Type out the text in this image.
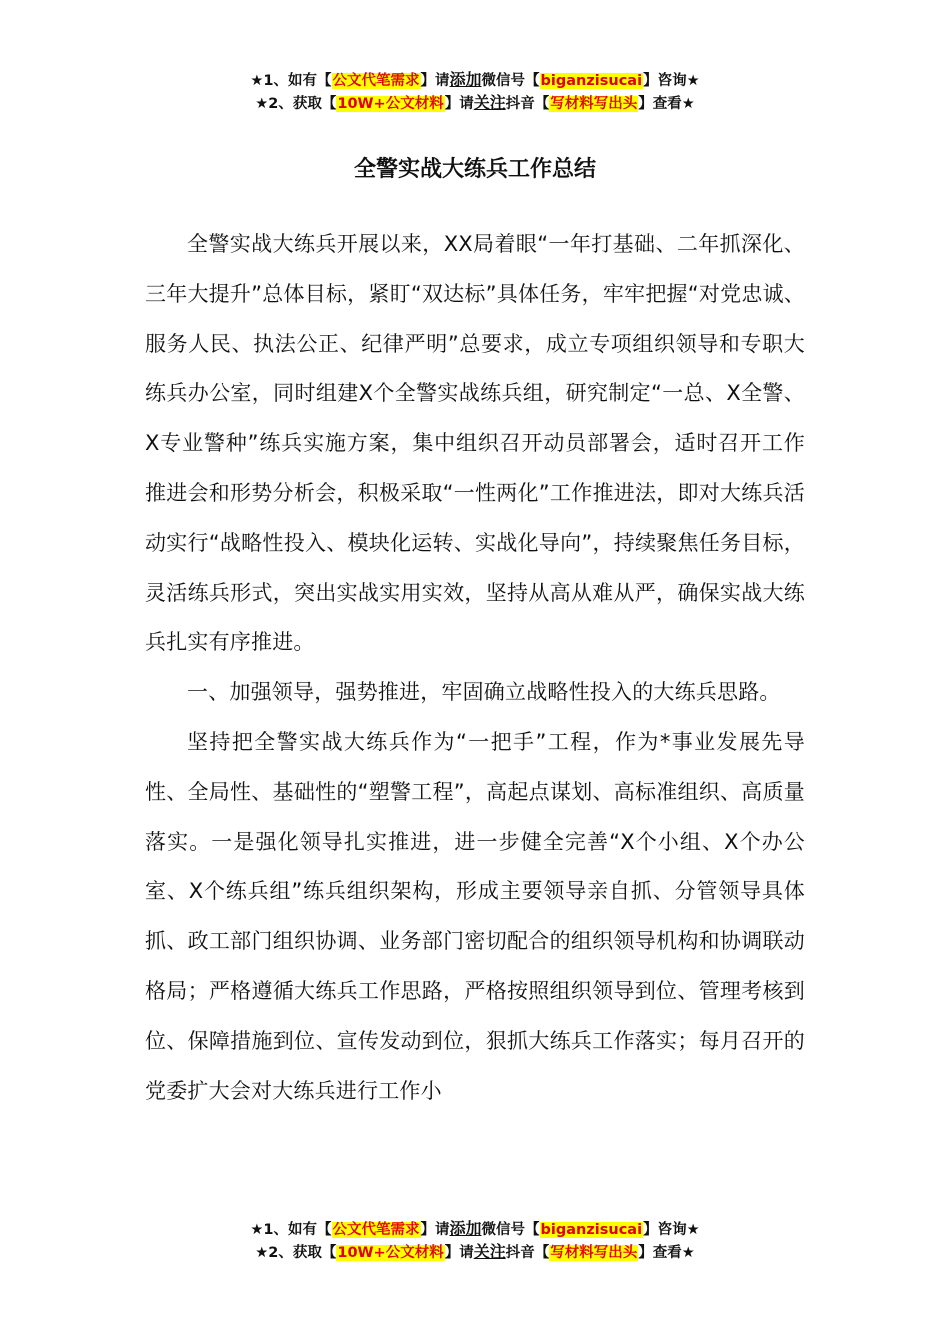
★1、如有【公文代笔需求】请添加微信号【biganzisucai】咨询★
★2、获取【10W+公文材料】请关注抖音【写材料写出头】查看★
全警实战大练兵工作总结

全警实战大练兵开展以来，XX局着眼“一年打基础、二年抓深化、三年大提升”总体目标，紧盯“双达标”具体任务，牢牢把握“对党忠诚、服务人民、执法公正、纪律严明”总要求，成立专项组织领导和专职大练兵办公室，同时组建X个全警实战练兵组，研究制定“一总、X全警、X专业警种”练兵实施方案，集中组织召开动员部署会，适时召开工作推进会和形势分析会，积极采取“一性两化”工作推进法，即对大练兵活动实行“战略性投入、模块化运转、实战化导向”，持续聚焦任务目标，灵活练兵形式，突出实战实用实效，坚持从高从难从严，确保实战大练兵扎实有序推进。

一、加强领导，强势推进，牢固确立战略性投入的大练兵思路。

坚持把全警实战大练兵作为“一把手”工程，作为*事业发展先导性、全局性、基础性的“塑警工程”，高起点谋划、高标准组织、高质量落实。一是强化领导扎实推进，进一步健全完善“X个小组、X个办公室、X个练兵组”练兵组织架构，形成主要领导亲自抓、分管领导具体抓、政工部门组织协调、业务部门密切配合的组织领导机构和协调联动格局；严格遵循大练兵工作思路，严格按照组织领导到位、管理考核到位、保障措施到位、宣传发动到位，狠抓大练兵工作落实；每月召开的党委扩大会对大练兵进行工作小

★1、如有【公文代笔需求】请添加微信号【biganzisucai】咨询★
★2、获取【10W+公文材料】请关注抖音【写材料写出头】查看★
